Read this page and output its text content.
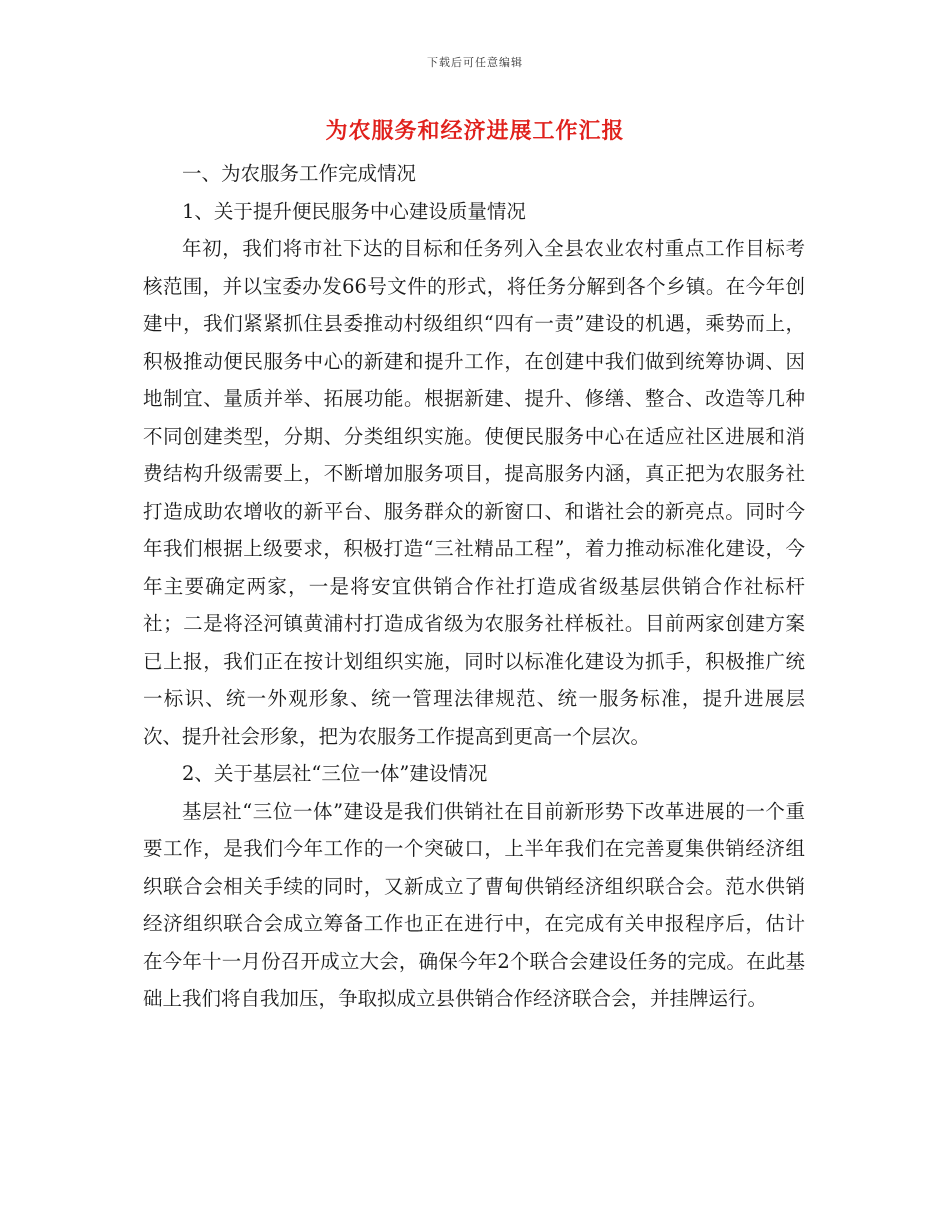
下载后可任意编辑
为农服务和经济进展工作汇报

一、为农服务工作完成情况

1、关于提升便民服务中心建设质量情况

年初，我们将市社下达的目标和任务列入全县农业农村重点工作目标考核范围，并以宝委办发66号文件的形式，将任务分解到各个乡镇。在今年创建中，我们紧紧抓住县委推动村级组织“四有一责”建设的机遇，乘势而上，积极推动便民服务中心的新建和提升工作，在创建中我们做到统筹协调、因地制宜、量质并举、拓展功能。根据新建、提升、修缮、整合、改造等几种不同创建类型，分期、分类组织实施。使便民服务中心在适应社区进展和消费结构升级需要上，不断增加服务项目，提高服务内涵，真正把为农服务社打造成助农增收的新平台、服务群众的新窗口、和谐社会的新亮点。同时今年我们根据上级要求，积极打造“三社精品工程”，着力推动标准化建设，今年主要确定两家，一是将安宜供销合作社打造成省级基层供销合作社标杆社；二是将泾河镇黄浦村打造成省级为农服务社样板社。目前两家创建方案已上报，我们正在按计划组织实施，同时以标准化建设为抓手，积极推广统一标识、统一外观形象、统一管理法律规范、统一服务标准，提升进展层次、提升社会形象，把为农服务工作提高到更高一个层次。

2、关于基层社“三位一体”建设情况

基层社“三位一体”建设是我们供销社在目前新形势下改革进展的一个重要工作，是我们今年工作的一个突破口，上半年我们在完善夏集供销经济组织联合会相关手续的同时，又新成立了曹甸供销经济组织联合会。范水供销经济组织联合会成立筹备工作也正在进行中，在完成有关申报程序后，估计在今年十一月份召开成立大会，确保今年2个联合会建设任务的完成。在此基础上我们将自我加压，争取拟成立县供销合作经济联合会，并挂牌运行。
